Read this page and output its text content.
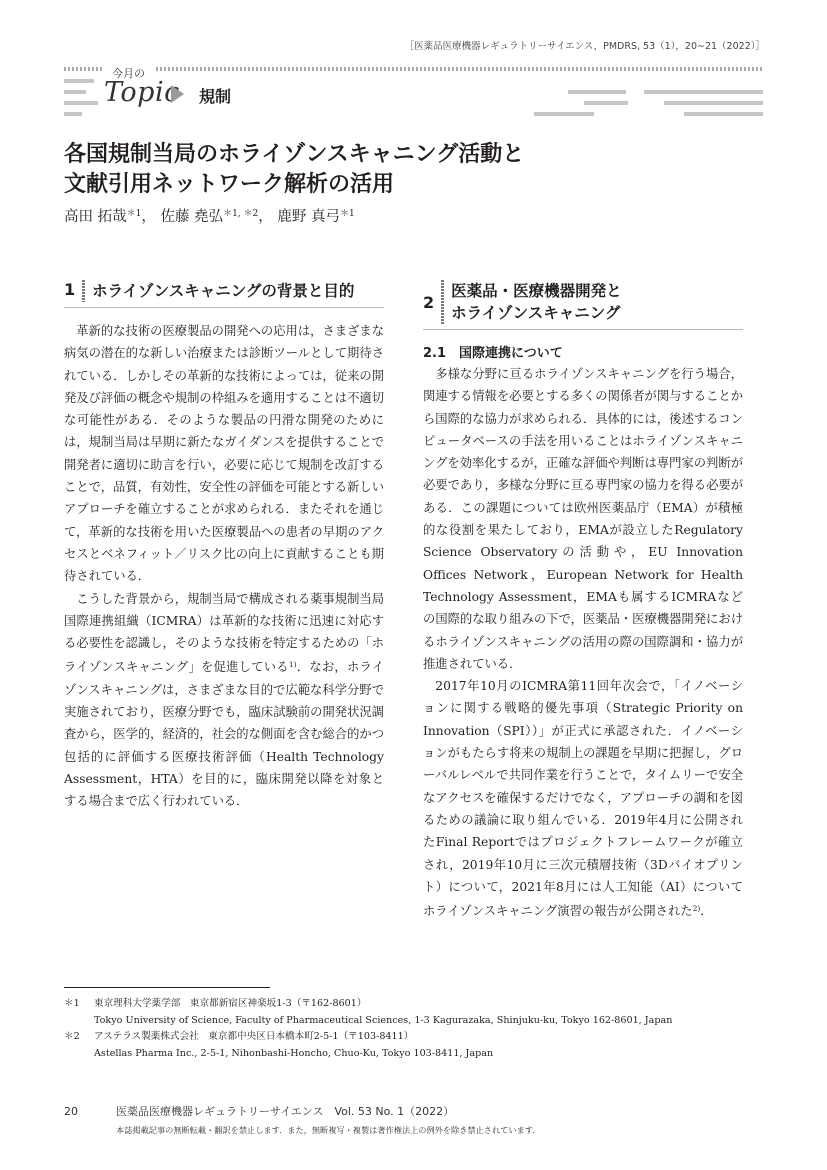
［医薬品医療機器レギュラトリーサイエンス，PMDRS, 53（1），20∼21（2022）］
今月の
Topic 規制
各国規制当局のホライゾンスキャニング活動と
文献引用ネットワーク解析の活用
高田 拓哉$^{*1}$， 佐藤 堯弘$^{*1, *2}$， 鹿野 真弓$^{*1}$
1 ホライゾンスキャニングの背景と目的

革新的な技術の医療製品の開発への応用は，さまざまな病気の潜在的な新しい治療または診断ツールとして期待されている．しかしその革新的な技術によっては，従来の開発及び評価の概念や規制の枠組みを適用することは不適切な可能性がある．そのような製品の円滑な開発のためには，規制当局は早期に新たなガイダンスを提供することで開発者に適切に助言を行い，必要に応じて規制を改訂することで，品質，有効性，安全性の評価を可能とする新しいアプローチを確立することが求められる．またそれを通じて，革新的な技術を用いた医療製品への患者の早期のアクセスとベネフィット／リスク比の向上に貢献することも期待されている．

こうした背景から，規制当局で構成される薬事規制当局国際連携組織（ICMRA）は革新的な技術に迅速に対応する必要性を認識し，そのような技術を特定するための「ホライゾンスキャニング」を促進している$^{1)}$．なお，ホライゾンスキャニングは，さまざまな目的で広範な科学分野で実施されており，医療分野でも，臨床試験前の開発状況調査から，医学的，経済的，社会的な側面を含む総合的かつ包括的に評価する医療技術評価（Health Technology Assessment，HTA）を目的に，臨床開発以降を対象とする場合まで広く行われている．

2
医薬品・医療機器開発と
ホライゾンスキャニング
2.1　国際連携について

多様な分野に亘るホライゾンスキャニングを行う場合，関連する情報を必要とする多くの関係者が関与することから国際的な協力が求められる．具体的には，後述するコンピュータベースの手法を用いることはホライゾンスキャニングを効率化するが，正確な評価や判断は専門家の判断が必要であり，多様な分野に亘る専門家の協力を得る必要がある．この課題については欧州医薬品庁（EMA）が積極的な役割を果たしており，EMAが設立したRegulatory Science Observatoryの活動や，EU Innovation Offices Network，European Network for Health Technology Assessment，EMAも属するICMRAなどの国際的な取り組みの下で，医薬品・医療機器開発におけるホライゾンスキャニングの活用の際の国際調和・協力が推進されている．

2017年10月のICMRA第11回年次会で，「イノベーションに関する戦略的優先事項（Strategic Priority on Innovation（SPI））」が正式に承認された．イノベーションがもたらす将来の規制上の課題を早期に把握し，グローバルレベルで共同作業を行うことで，タイムリーで安全なアクセスを確保するだけでなく，アプローチの調和を図るための議論に取り組んでいる．2019年4月に公開されたFinal Reportではプロジェクトフレームワークが確立され，2019年10月に三次元積層技術（3Dバイオプリント）について，2021年8月には人工知能（AI）についてホライゾンスキャニング演習の報告が公開された$^{2)}$．

＊1	東京理科大学薬学部　東京都新宿区神楽坂1-3（〒162-8601）
Tokyo University of Science, Faculty of Pharmaceutical Sciences, 1-3 Kagurazaka, Shinjuku-ku, Tokyo 162-8601, Japan
＊2	アステラス製薬株式会社　東京都中央区日本橋本町2-5-1（〒103-8411）
Astellas Pharma Inc., 2-5-1, Nihonbashi-Honcho, Chuo-Ku, Tokyo 103-8411, Japan
20	医薬品医療機器レギュラトリーサイエンス　Vol. 53 No. 1（2022）
本誌掲載記事の無断転載・翻訳を禁止します．また，無断複写・複製は著作権法上の例外を除き禁止されています．
